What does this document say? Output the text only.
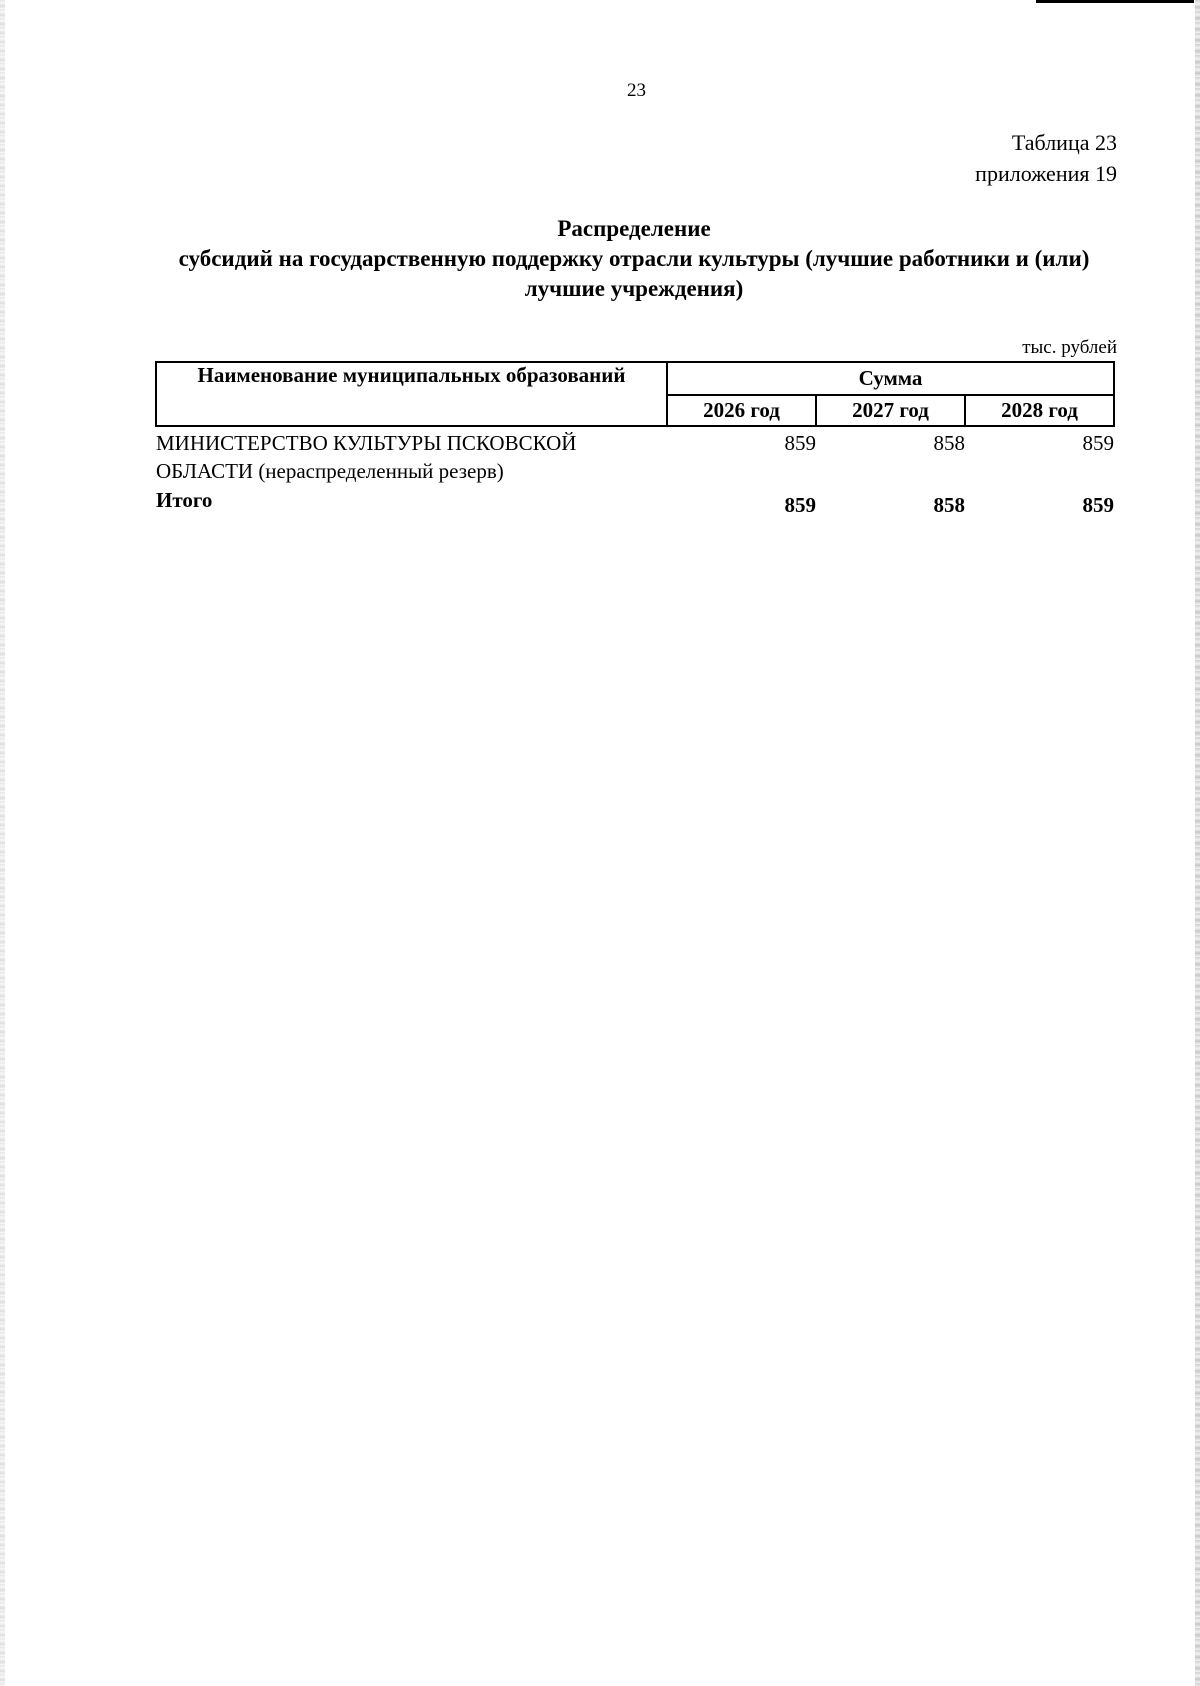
23
Таблица 23
приложения 19
Распределение
субсидий на государственную поддержку отрасли культуры (лучшие работники и (или)
лучшие учреждения)
тыс. рублей
Наименование муниципальных образований	Сумма		
	2026 год	2027 год	2028 год

МИНИСТЕРСТВО КУЛЬТУРЫ ПСКОВСКОЙ
ОБЛАСТИ (нераспределенный резерв)	859	858	859
Итого	859	858	859
